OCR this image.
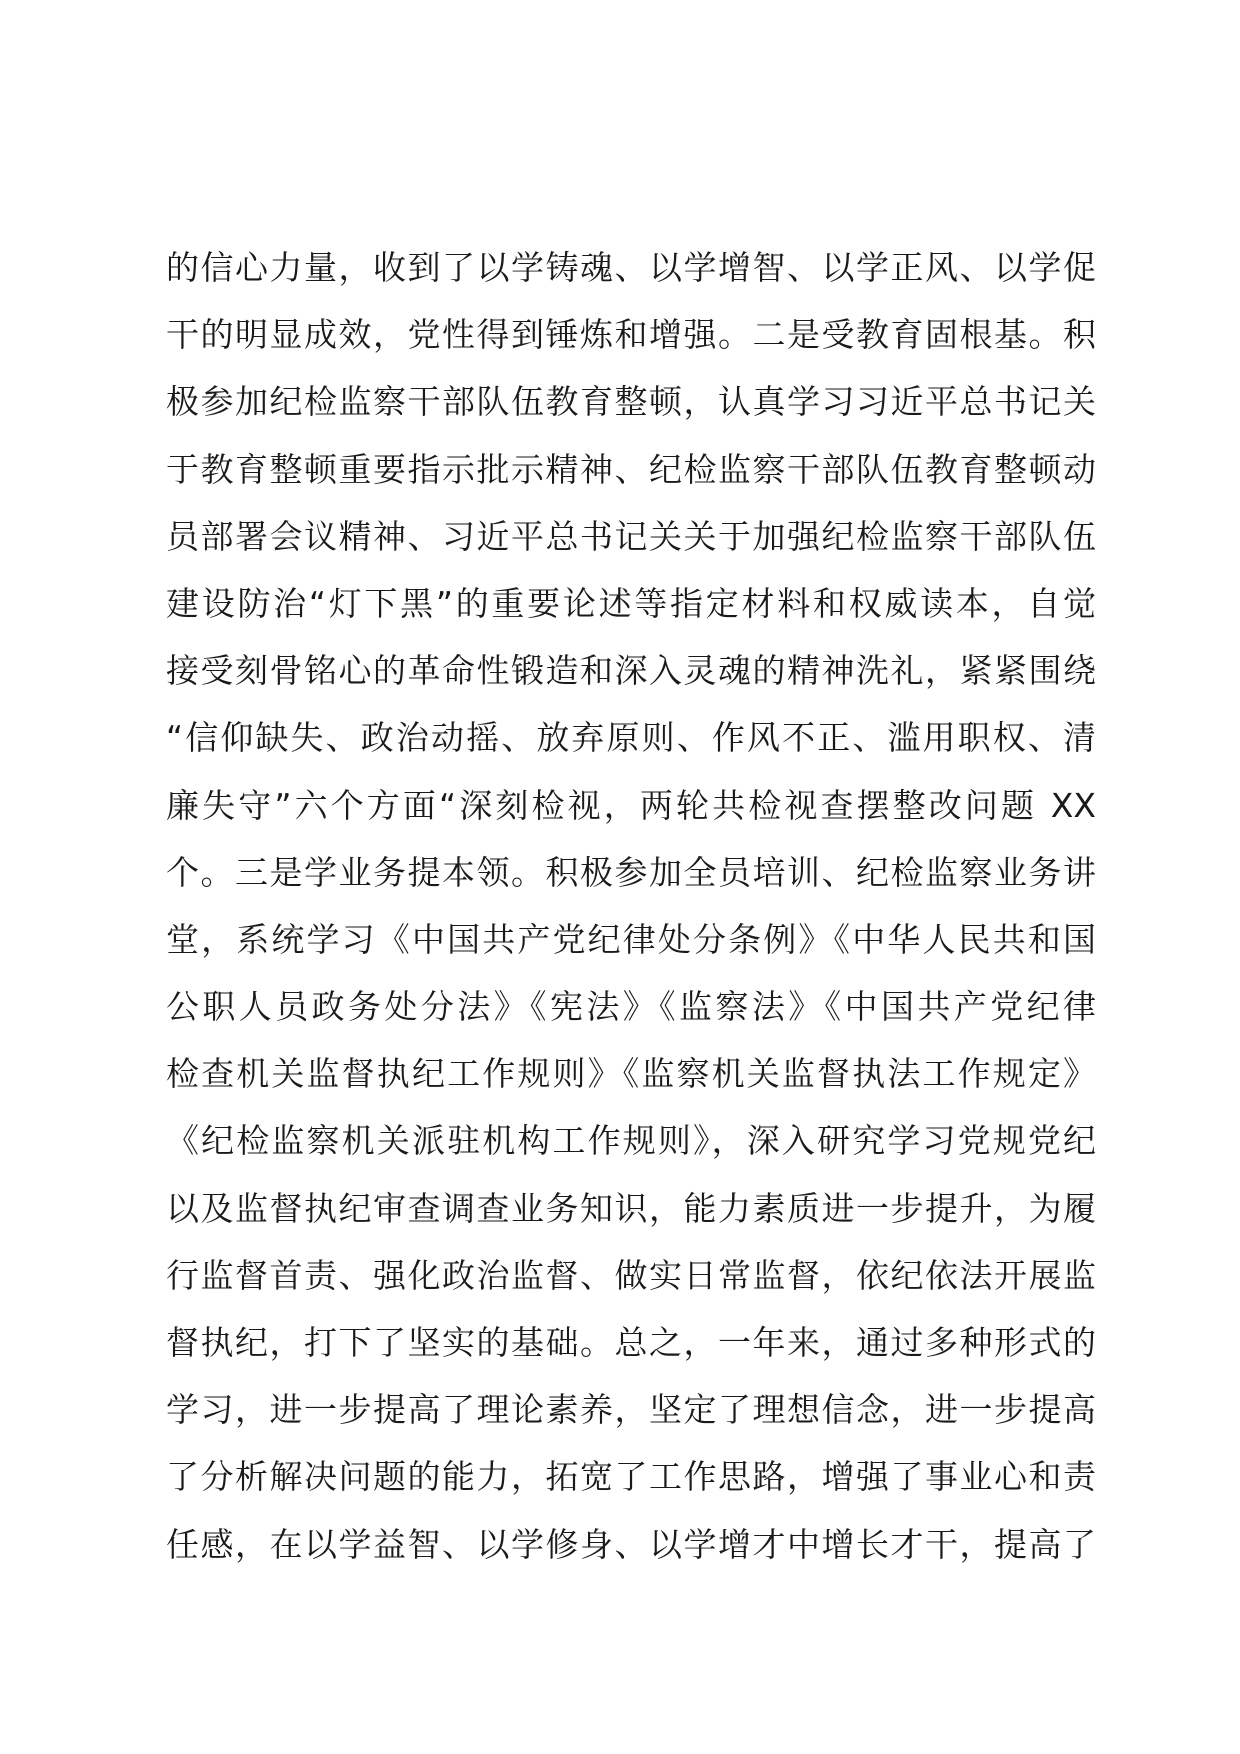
的信心力量，收到了以学铸魂、以学增智、以学正风、以学促
干的明显成效，党性得到锤炼和增强。二是受教育固根基。积
极参加纪检监察干部队伍教育整顿，认真学习习近平总书记关
于教育整顿重要指示批示精神、纪检监察干部队伍教育整顿动
员部署会议精神、习近平总书记关关于加强纪检监察干部队伍
建设防治“灯下黑”的重要论述等指定材料和权威读本，自觉
接受刻骨铭心的革命性锻造和深入灵魂的精神洗礼，紧紧围绕
“信仰缺失、政治动摇、放弃原则、作风不正、滥用职权、清
廉失守”六个方面“深刻检视，两轮共检视查摆整改问题 XX
个。三是学业务提本领。积极参加全员培训、纪检监察业务讲
堂，系统学习《中国共产党纪律处分条例》《中华人民共和国
公职人员政务处分法》《宪法》《监察法》《中国共产党纪律
检查机关监督执纪工作规则》《监察机关监督执法工作规定》
《纪检监察机关派驻机构工作规则》，深入研究学习党规党纪
以及监督执纪审查调查业务知识，能力素质进一步提升，为履
行监督首责、强化政治监督、做实日常监督，依纪依法开展监
督执纪，打下了坚实的基础。总之，一年来，通过多种形式的
学习，进一步提高了理论素养，坚定了理想信念，进一步提高
了分析解决问题的能力，拓宽了工作思路，增强了事业心和责
任感，在以学益智、以学修身、以学增才中增长才干，提高了
